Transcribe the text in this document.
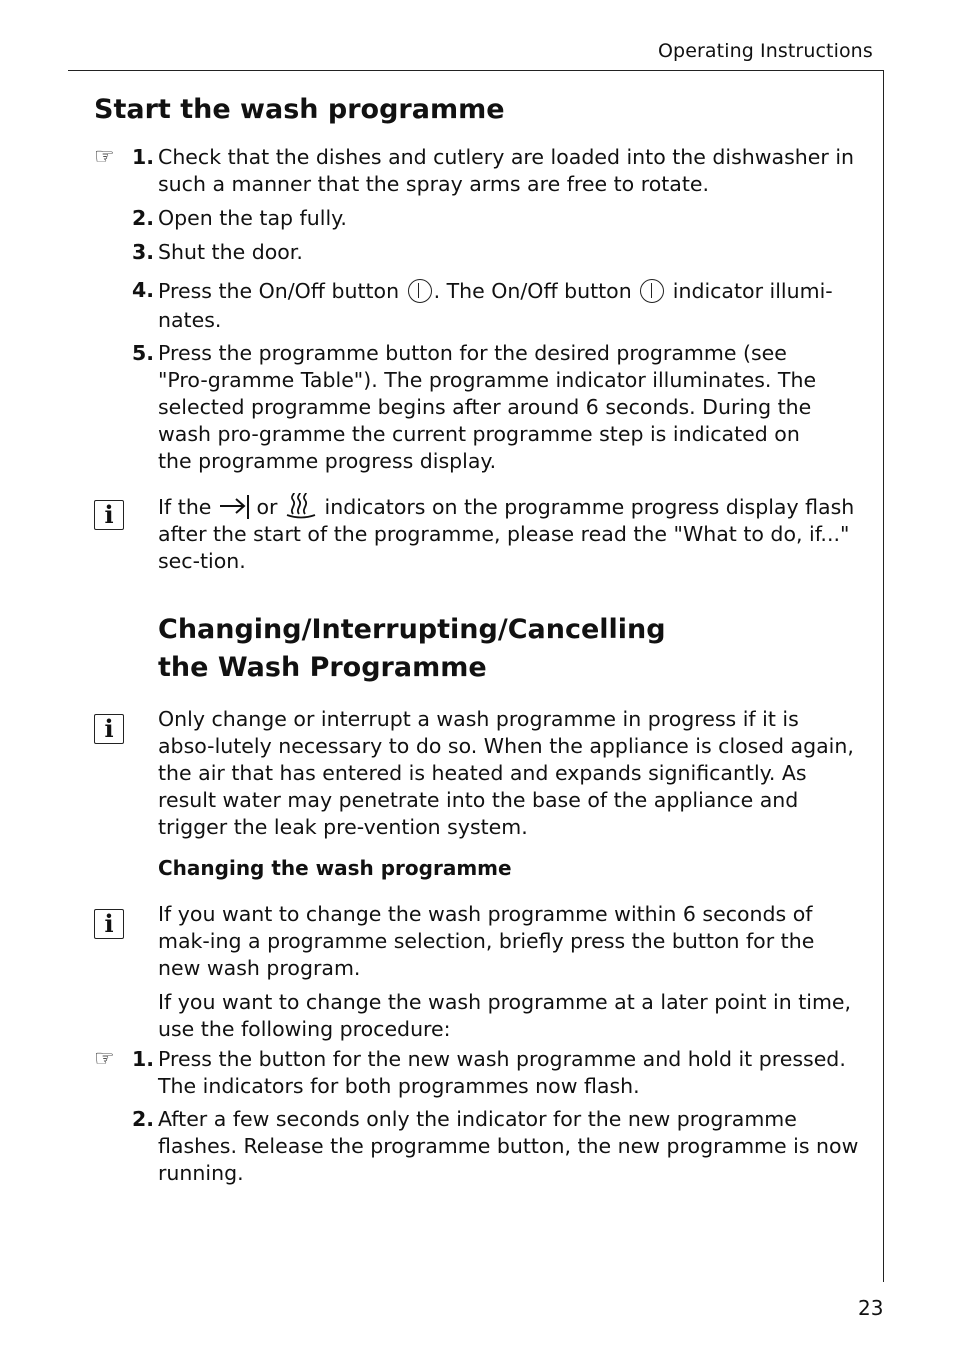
Operating Instructions
Start the wash programme
☞ 1. Check that the dishes and cutlery are loaded into the dishwasher in such a manner that the spray arms are free to rotate.
2. Open the tap fully.
3. Shut the door.
4. Press the On/Off button . The On/Off button indicator illumi-
nates.
5. Press the programme button for the desired programme (see "Pro-gramme Table"). The programme indicator illuminates. The selected programme begins after around 6 seconds. During the wash pro-gramme the current programme step is indicated on the programme progress display.
i	If the or indicators on the programme progress display flash
after the start of the programme, please read the "What to do, if..." sec-tion.
Changing/Interrupting/Cancelling
the Wash Programme
i	Only change or interrupt a wash programme in progress if it is abso-lutely necessary to do so. When the appliance is closed again, the air that has entered is heated and expands significantly. As result water may penetrate into the base of the appliance and trigger the leak pre-vention system.
Changing the wash programme
i	If you want to change the wash programme within 6 seconds of mak-ing a programme selection, briefly press the button for the new wash program.
If you want to change the wash programme at a later point in time, use the following procedure:
☞ 1. Press the button for the new wash programme and hold it pressed. The indicators for both programmes now flash.
2. After a few seconds only the indicator for the new programme flashes. Release the programme button, the new programme is now running.
23
